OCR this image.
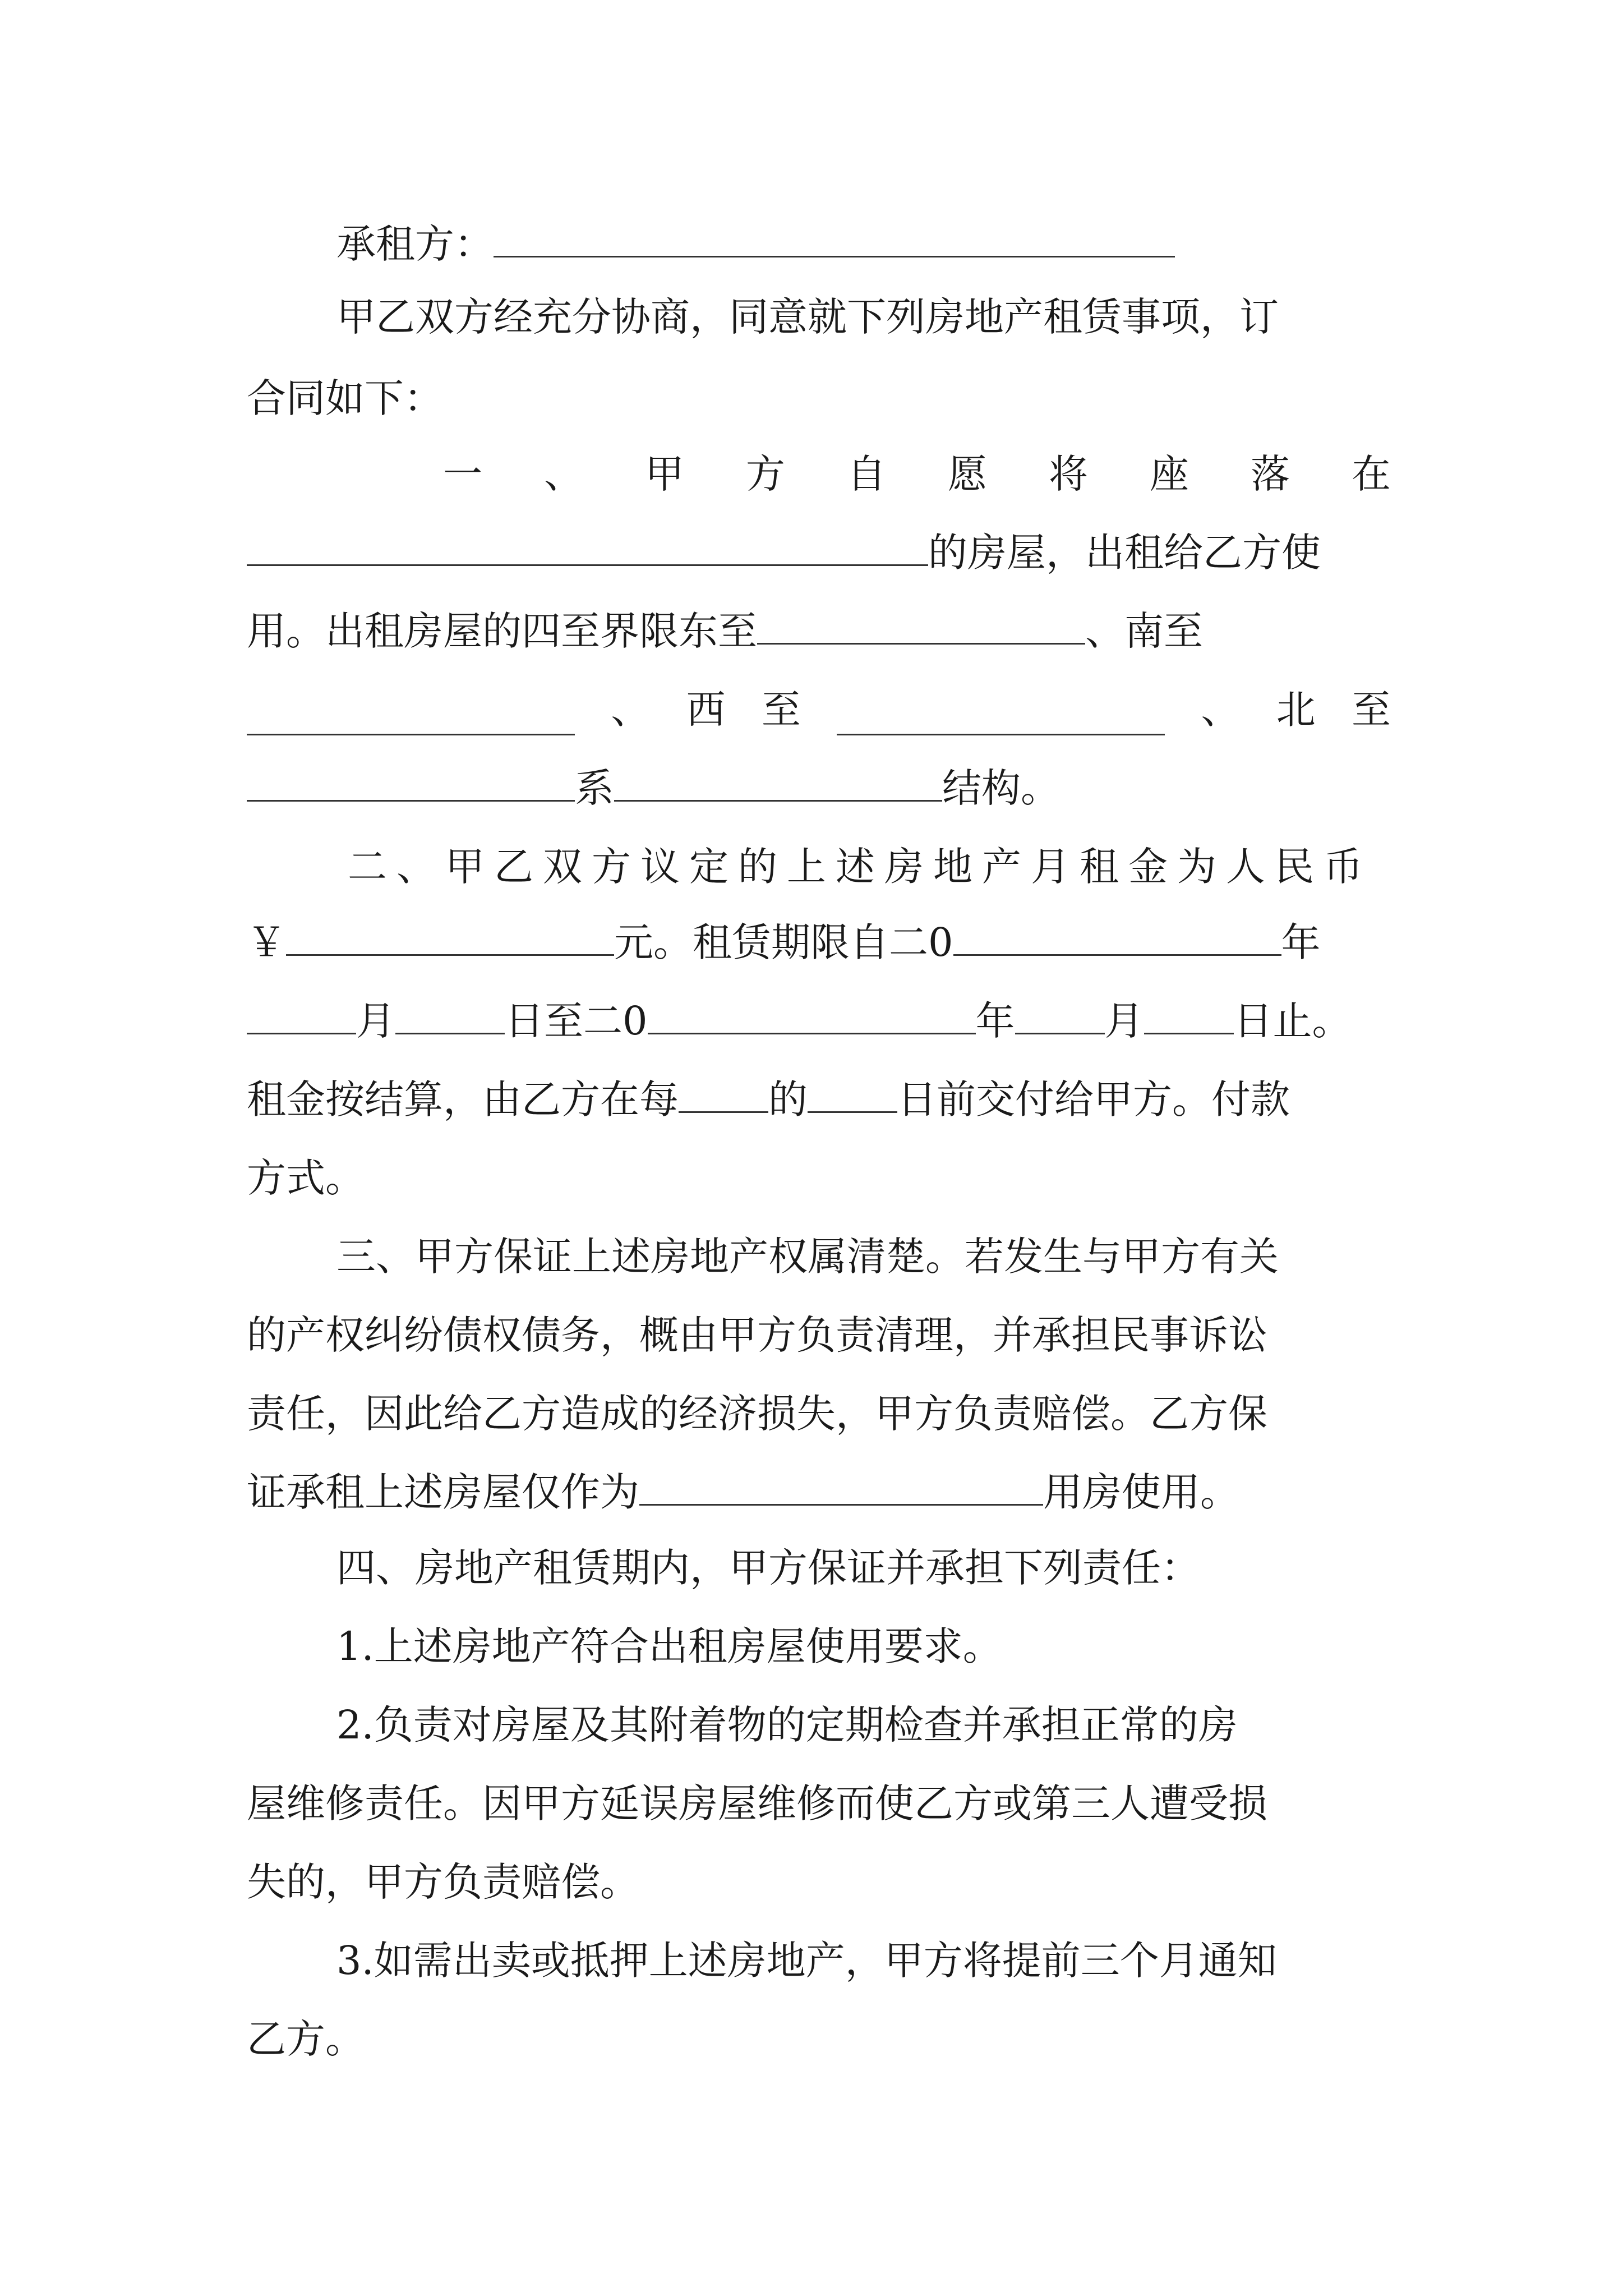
承租方：
甲乙双方经充分协商，同意就下列房地产租赁事项，订
合同如下：
一 、 甲 方 自 愿 将 座 落 在
的房屋，出租给乙方使
用。出租房屋的四至界限东至	、南至
、 西 至	、 北 至
系	结构。
二、甲乙双方议定的上述房地产月租金为人民币
￥	元。租赁期限自二0	年
月	日至二0	年 月 日止。
租金按结算，由乙方在每 的 日前交付给甲方。付款
方式。
三、甲方保证上述房地产权属清楚。若发生与甲方有关
的产权纠纷债权债务，概由甲方负责清理，并承担民事诉讼
责任，因此给乙方造成的经济损失，甲方负责赔偿。乙方保
证承租上述房屋仅作为	用房使用。
四、房地产租赁期内，甲方保证并承担下列责任：
1.上述房地产符合出租房屋使用要求。
2.负责对房屋及其附着物的定期检查并承担正常的房
屋维修责任。因甲方延误房屋维修而使乙方或第三人遭受损
失的，甲方负责赔偿。
3.如需出卖或抵押上述房地产，甲方将提前三个月通知
乙方。
